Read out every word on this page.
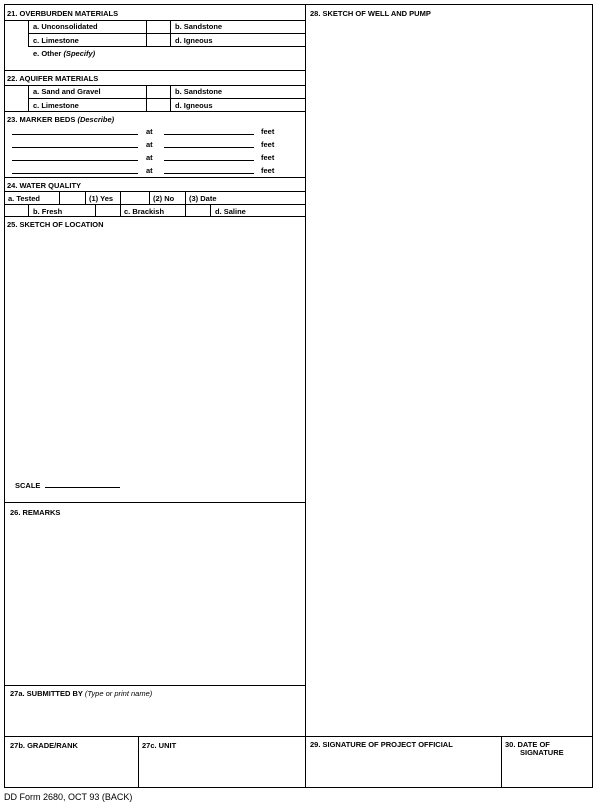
21. OVERBURDEN MATERIALS
a. Unconsolidated	b. Sandstone
c. Limestone	d. Igneous
e. Other (Specify)
22. AQUIFER MATERIALS
a. Sand and Gravel	b. Sandstone
c. Limestone	d. Igneous
23. MARKER BEDS (Describe)
at	feet
at	feet
at	feet
at	feet
24. WATER QUALITY
a. Tested	(1) Yes	(2) No (3) Date
b. Fresh	c. Brackish	d. Saline
25. SKETCH OF LOCATION
SCALE
26. REMARKS
27a. SUBMITTED BY (Type or print name)
27b. GRADE/RANK	27c. UNIT	29. SIGNATURE OF PROJECT OFFICIAL	30. DATE OF
SIGNATURE
28. SKETCH OF WELL AND PUMP
DD Form 2680, OCT 93 (BACK)
